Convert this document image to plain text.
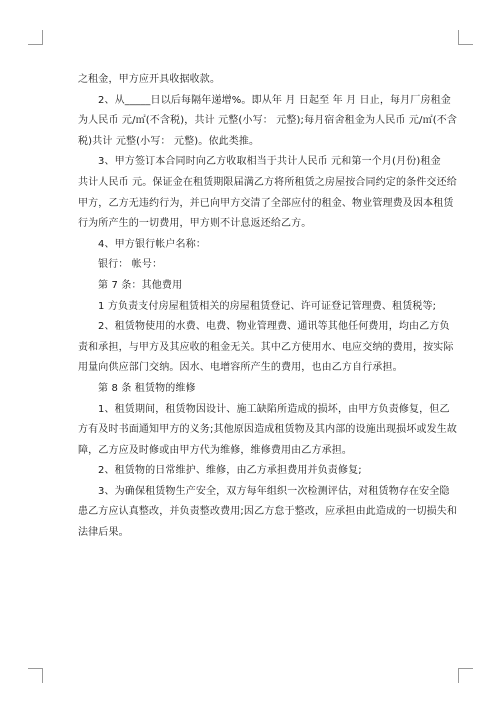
之租金，甲方应开具收据收款。

2、从_____日以后每隔年递增%。即从年 月 日起至 年 月 日止，每月厂房租金

为人民币 元/㎡(不含税)，共计 元整(小写： 元整);每月宿舍租金为人民币 元/㎡(不含

税)共计 元整(小写： 元整)。依此类推。

3、甲方签订本合同时向乙方收取相当于共计人民币 元和第一个月(月份)租金

共计人民币 元。保证金在租赁期限届满乙方将所租赁之房屋按合同约定的条件交还给

甲方，乙方无违约行为，并已向甲方交清了全部应付的租金、物业管理费及因本租赁

行为所产生的一切费用，甲方则不计息返还给乙方。

4、甲方银行帐户名称：

银行： 帐号：

第 7 条：其他费用

1 方负责支付房屋租赁相关的房屋租赁登记、许可证登记管理费、租赁税等;

2、租赁物使用的水费、电费、物业管理费、通讯等其他任何费用，均由乙方负

责和承担，与甲方及其应收的租金无关。其中乙方使用水、电应交纳的费用，按实际

用量向供应部门交纳。因水、电增容所产生的费用，也由乙方自行承担。

第 8 条 租赁物的维修

1、租赁期间，租赁物因设计、施工缺陷所造成的损坏，由甲方负责修复，但乙

方有及时书面通知甲方的义务;其他原因造成租赁物及其内部的设施出现损坏或发生故

障，乙方应及时修或由甲方代为维修，维修费用由乙方承担。

2、租赁物的日常维护、维修，由乙方承担费用并负责修复;

3、为确保租赁物生产安全，双方每年组织一次检测评估，对租赁物存在安全隐

患乙方应认真整改，并负责整改费用;因乙方怠于整改，应承担由此造成的一切损失和

法律后果。
